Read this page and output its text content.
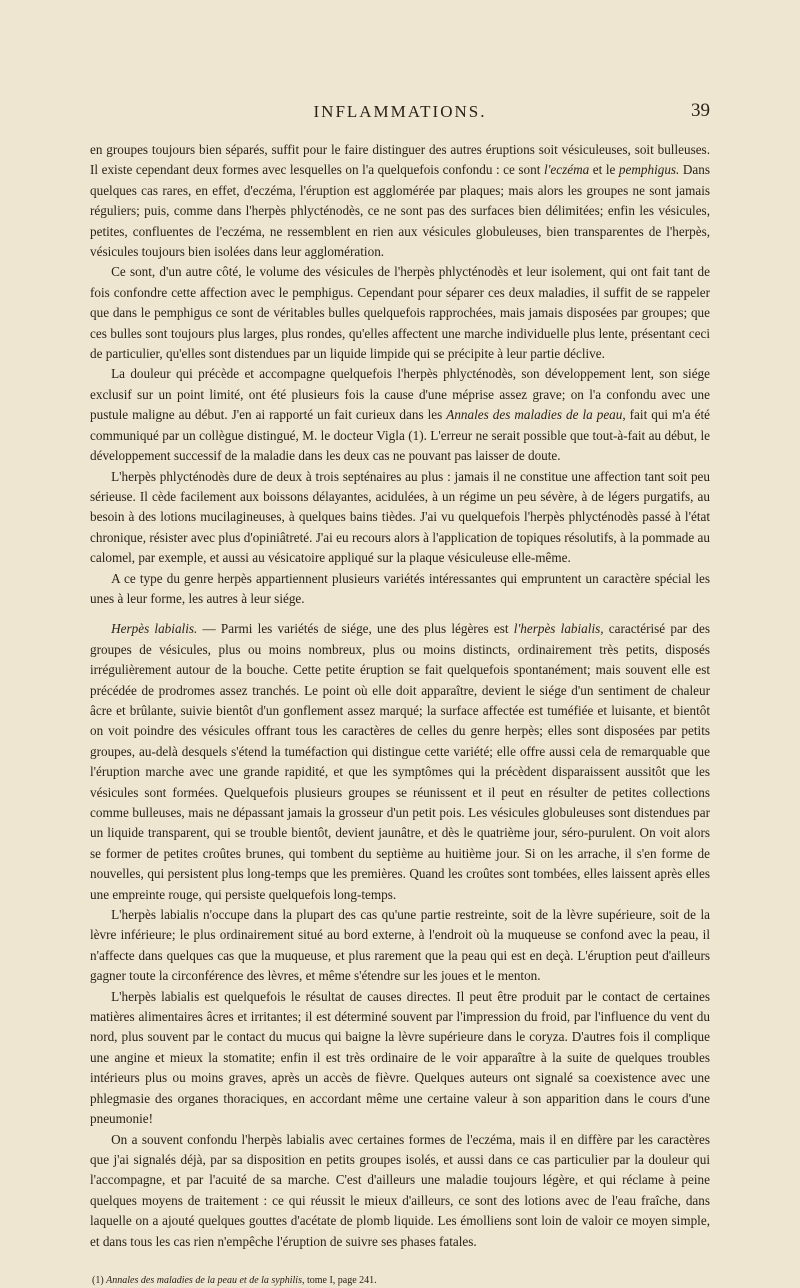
INFLAMMATIONS.	39

en groupes toujours bien séparés, suffit pour le faire distinguer des autres éruptions soit vésiculeuses, soit bulleuses. Il existe cependant deux formes avec lesquelles on l'a quelquefois confondu : ce sont l'eczéma et le pemphigus. Dans quelques cas rares, en effet, d'eczéma, l'éruption est agglomérée par plaques; mais alors les groupes ne sont jamais réguliers; puis, comme dans l'herpès phlycténodès, ce ne sont pas des surfaces bien délimitées; enfin les vésicules, petites, confluentes de l'eczéma, ne ressemblent en rien aux vésicules globuleuses, bien transparentes de l'herpès, vésicules toujours bien isolées dans leur agglomération.

Ce sont, d'un autre côté, le volume des vésicules de l'herpès phlycténodès et leur isolement, qui ont fait tant de fois confondre cette affection avec le pemphigus. Cependant pour séparer ces deux maladies, il suffit de se rappeler que dans le pemphigus ce sont de véritables bulles quelquefois rapprochées, mais jamais disposées par groupes; que ces bulles sont toujours plus larges, plus rondes, qu'elles affectent une marche individuelle plus lente, présentant ceci de particulier, qu'elles sont distendues par un liquide limpide qui se précipite à leur partie déclive.

La douleur qui précède et accompagne quelquefois l'herpès phlycténodès, son développement lent, son siége exclusif sur un point limité, ont été plusieurs fois la cause d'une méprise assez grave; on l'a confondu avec une pustule maligne au début. J'en ai rapporté un fait curieux dans les Annales des maladies de la peau, fait qui m'a été communiqué par un collègue distingué, M. le docteur Vigla (1). L'erreur ne serait possible que tout-à-fait au début, le développement successif de la maladie dans les deux cas ne pouvant pas laisser de doute.

L'herpès phlycténodès dure de deux à trois septénaires au plus : jamais il ne constitue une affection tant soit peu sérieuse. Il cède facilement aux boissons délayantes, acidulées, à un régime un peu sévère, à de légers purgatifs, au besoin à des lotions mucilagineuses, à quelques bains tièdes. J'ai vu quelquefois l'herpès phlycténodès passé à l'état chronique, résister avec plus d'opiniâtreté. J'ai eu recours alors à l'application de topiques résolutifs, à la pommade au calomel, par exemple, et aussi au vésicatoire appliqué sur la plaque vésiculeuse elle-même.

A ce type du genre herpès appartiennent plusieurs variétés intéressantes qui empruntent un caractère spécial les unes à leur forme, les autres à leur siége.

Herpès labialis. — Parmi les variétés de siége, une des plus légères est l'herpès labialis, caractérisé par des groupes de vésicules, plus ou moins nombreux, plus ou moins distincts, ordinairement très petits, disposés irrégulièrement autour de la bouche. Cette petite éruption se fait quelquefois spontanément; mais souvent elle est précédée de prodromes assez tranchés. Le point où elle doit apparaître, devient le siége d'un sentiment de chaleur âcre et brûlante, suivie bientôt d'un gonflement assez marqué; la surface affectée est tuméfiée et luisante, et bientôt on voit poindre des vésicules offrant tous les caractères de celles du genre herpès; elles sont disposées par petits groupes, au-delà desquels s'étend la tuméfaction qui distingue cette variété; elle offre aussi cela de remarquable que l'éruption marche avec une grande rapidité, et que les symptômes qui la précèdent disparaissent aussitôt que les vésicules sont formées. Quelquefois plusieurs groupes se réunissent et il peut en résulter de petites collections comme bulleuses, mais ne dépassant jamais la grosseur d'un petit pois. Les vésicules globuleuses sont distendues par un liquide transparent, qui se trouble bientôt, devient jaunâtre, et dès le quatrième jour, séro-purulent. On voit alors se former de petites croûtes brunes, qui tombent du septième au huitième jour. Si on les arrache, il s'en forme de nouvelles, qui persistent plus long-temps que les premières. Quand les croûtes sont tombées, elles laissent après elles une empreinte rouge, qui persiste quelquefois long-temps.

L'herpès labialis n'occupe dans la plupart des cas qu'une partie restreinte, soit de la lèvre supérieure, soit de la lèvre inférieure; le plus ordinairement situé au bord externe, à l'endroit où la muqueuse se confond avec la peau, il n'affecte dans quelques cas que la muqueuse, et plus rarement que la peau qui est en deçà. L'éruption peut d'ailleurs gagner toute la circonférence des lèvres, et même s'étendre sur les joues et le menton.

L'herpès labialis est quelquefois le résultat de causes directes. Il peut être produit par le contact de certaines matières alimentaires âcres et irritantes; il est déterminé souvent par l'impression du froid, par l'influence du vent du nord, plus souvent par le contact du mucus qui baigne la lèvre supérieure dans le coryza. D'autres fois il complique une angine et mieux la stomatite; enfin il est très ordinaire de le voir apparaître à la suite de quelques troubles intérieurs plus ou moins graves, après un accès de fièvre. Quelques auteurs ont signalé sa coexistence avec une phlegmasie des organes thoraciques, en accordant même une certaine valeur à son apparition dans le cours d'une pneumonie!

On a souvent confondu l'herpès labialis avec certaines formes de l'eczéma, mais il en diffère par les caractères que j'ai signalés déjà, par sa disposition en petits groupes isolés, et aussi dans ce cas particulier par la douleur qui l'accompagne, et par l'acuité de sa marche. C'est d'ailleurs une maladie toujours légère, et qui réclame à peine quelques moyens de traitement : ce qui réussit le mieux d'ailleurs, ce sont des lotions avec de l'eau fraîche, dans laquelle on a ajouté quelques gouttes d'acétate de plomb liquide. Les émolliens sont loin de valoir ce moyen simple, et dans tous les cas rien n'empêche l'éruption de suivre ses phases fatales.

(1) Annales des maladies de la peau et de la syphilis, tome I, page 241.
